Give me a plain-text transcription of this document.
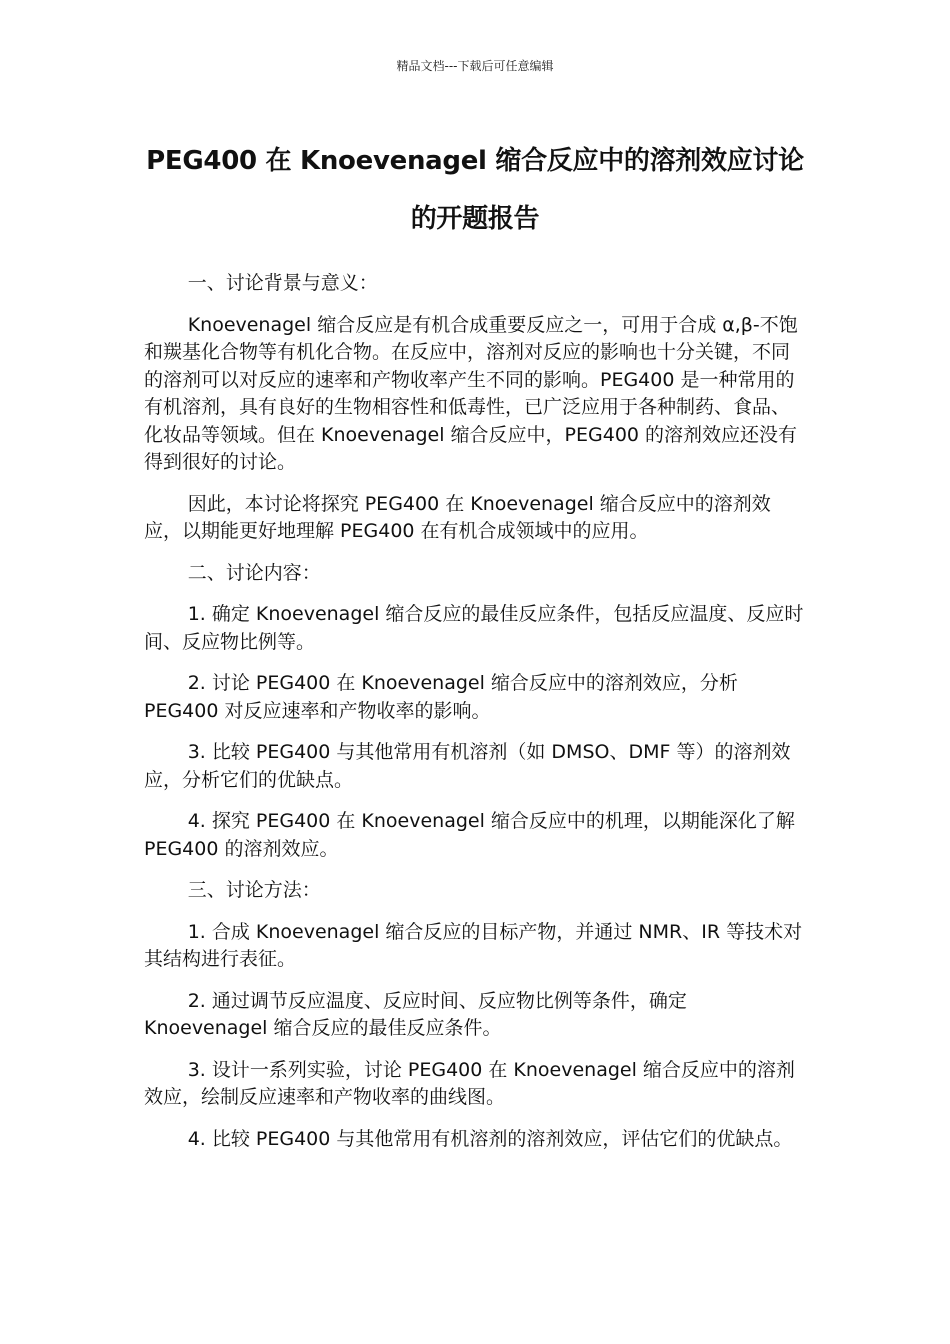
精品文档---下载后可任意编辑
PEG400 在 Knoevenagel 缩合反应中的溶剂效应讨论的开题报告

一、讨论背景与意义：

Knoevenagel 缩合反应是有机合成重要反应之一，可用于合成 α,β-不饱和羰基化合物等有机化合物。在反应中，溶剂对反应的影响也十分关键，不同的溶剂可以对反应的速率和产物收率产生不同的影响。PEG400 是一种常用的有机溶剂，具有良好的生物相容性和低毒性，已广泛应用于各种制药、食品、化妆品等领域。但在 Knoevenagel 缩合反应中，PEG400 的溶剂效应还没有得到很好的讨论。

因此，本讨论将探究 PEG400 在 Knoevenagel 缩合反应中的溶剂效应，以期能更好地理解 PEG400 在有机合成领域中的应用。

二、讨论内容：

1. 确定 Knoevenagel 缩合反应的最佳反应条件，包括反应温度、反应时间、反应物比例等。

2. 讨论 PEG400 在 Knoevenagel 缩合反应中的溶剂效应，分析 PEG400 对反应速率和产物收率的影响。

3. 比较 PEG400 与其他常用有机溶剂（如 DMSO、DMF 等）的溶剂效应，分析它们的优缺点。

4. 探究 PEG400 在 Knoevenagel 缩合反应中的机理，以期能深化了解 PEG400 的溶剂效应。

三、讨论方法：

1. 合成 Knoevenagel 缩合反应的目标产物，并通过 NMR、IR 等技术对其结构进行表征。

2. 通过调节反应温度、反应时间、反应物比例等条件，确定 Knoevenagel 缩合反应的最佳反应条件。

3. 设计一系列实验，讨论 PEG400 在 Knoevenagel 缩合反应中的溶剂效应，绘制反应速率和产物收率的曲线图。

4. 比较 PEG400 与其他常用有机溶剂的溶剂效应，评估它们的优缺点。
